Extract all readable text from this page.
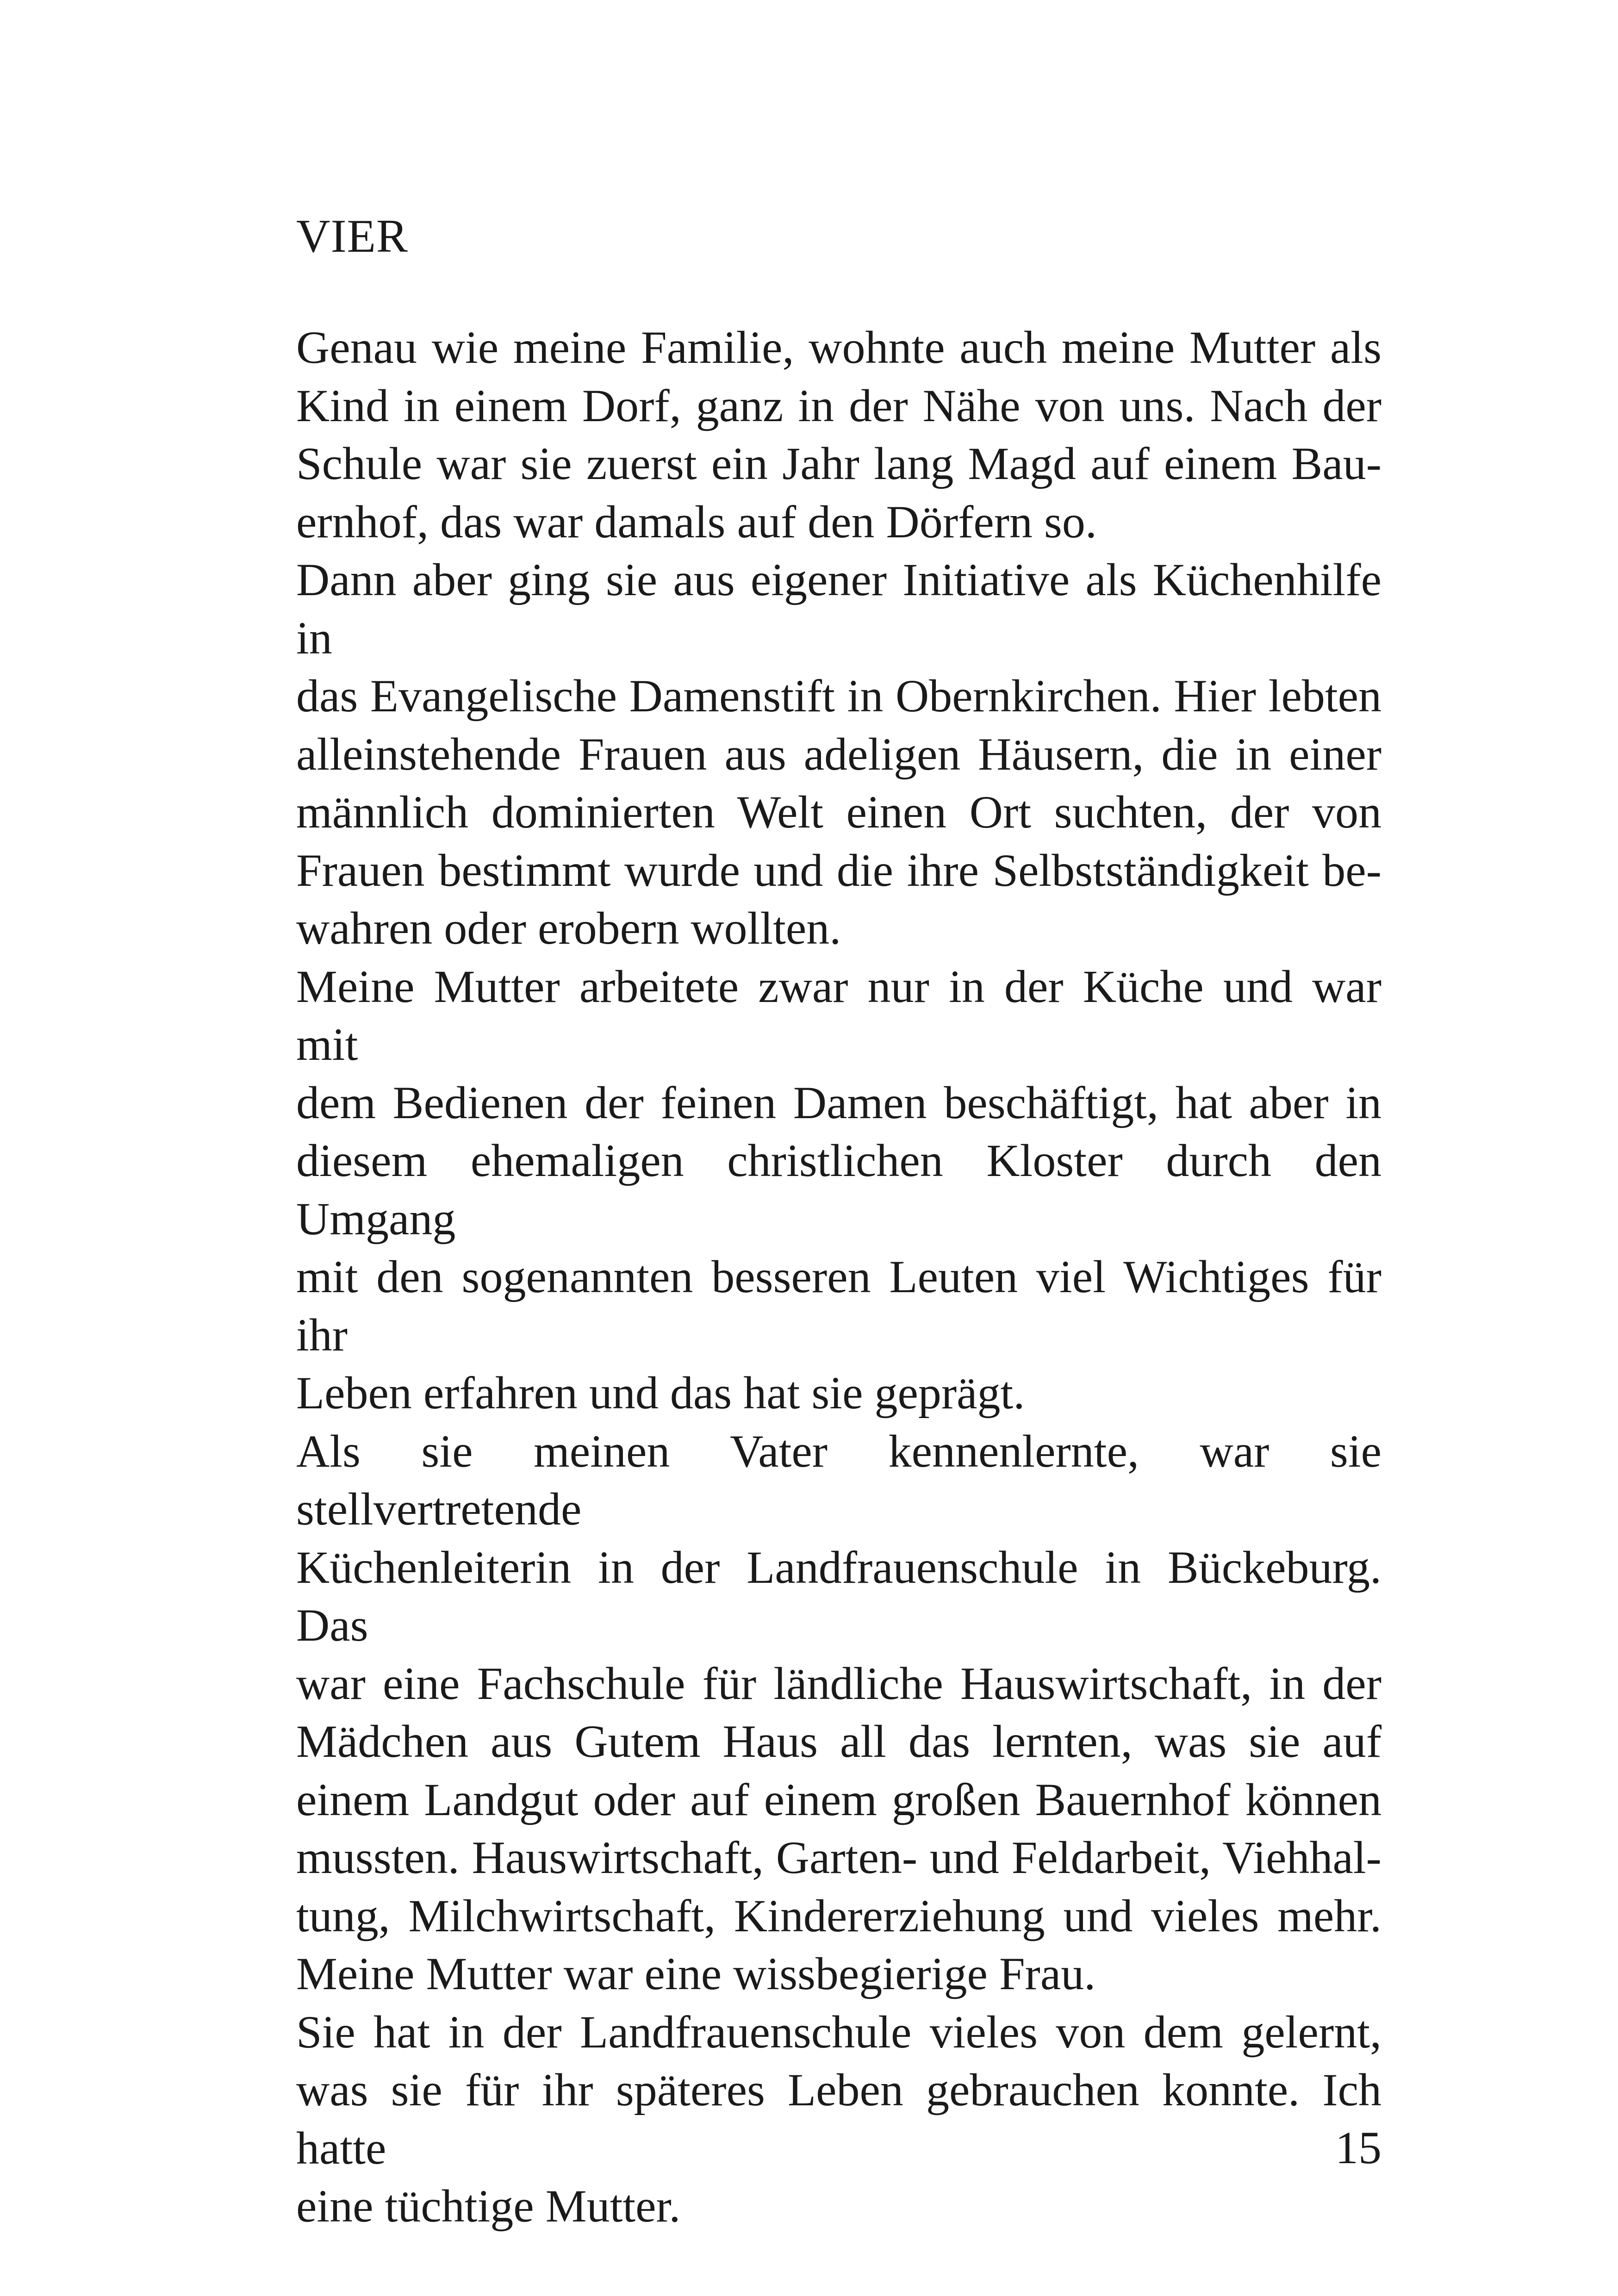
VIER
Genau wie meine Familie, wohnte auch meine Mutter als
Kind in einem Dorf, ganz in der Nähe von uns. Nach der
Schule war sie zuerst ein Jahr lang Magd auf einem Bau-
ernhof, das war damals auf den Dörfern so.
Dann aber ging sie aus eigener Initiative als Küchenhilfe in
das Evangelische Damenstift in Obernkirchen. Hier lebten
alleinstehende Frauen aus adeligen Häusern, die in einer
männlich dominierten Welt einen Ort suchten, der von
Frauen bestimmt wurde und die ihre Selbstständigkeit be-
wahren oder erobern wollten.
Meine Mutter arbeitete zwar nur in der Küche und war mit
dem Bedienen der feinen Damen beschäftigt, hat aber in
diesem ehemaligen christlichen Kloster durch den Umgang
mit den sogenannten besseren Leuten viel Wichtiges für ihr
Leben erfahren und das hat sie geprägt.
Als sie meinen Vater kennenlernte, war sie stellvertretende
Küchenleiterin in der Landfrauenschule in Bückeburg. Das
war eine Fachschule für ländliche Hauswirtschaft, in der
Mädchen aus Gutem Haus all das lernten, was sie auf
einem Landgut oder auf einem großen Bauernhof können
mussten. Hauswirtschaft, Garten- und Feldarbeit, Viehhal-
tung, Milchwirtschaft, Kindererziehung und vieles mehr.
Meine Mutter war eine wissbegierige Frau.
Sie hat in der Landfrauenschule vieles von dem gelernt,
was sie für ihr späteres Leben gebrauchen konnte. Ich hatte
eine tüchtige Mutter.
15
